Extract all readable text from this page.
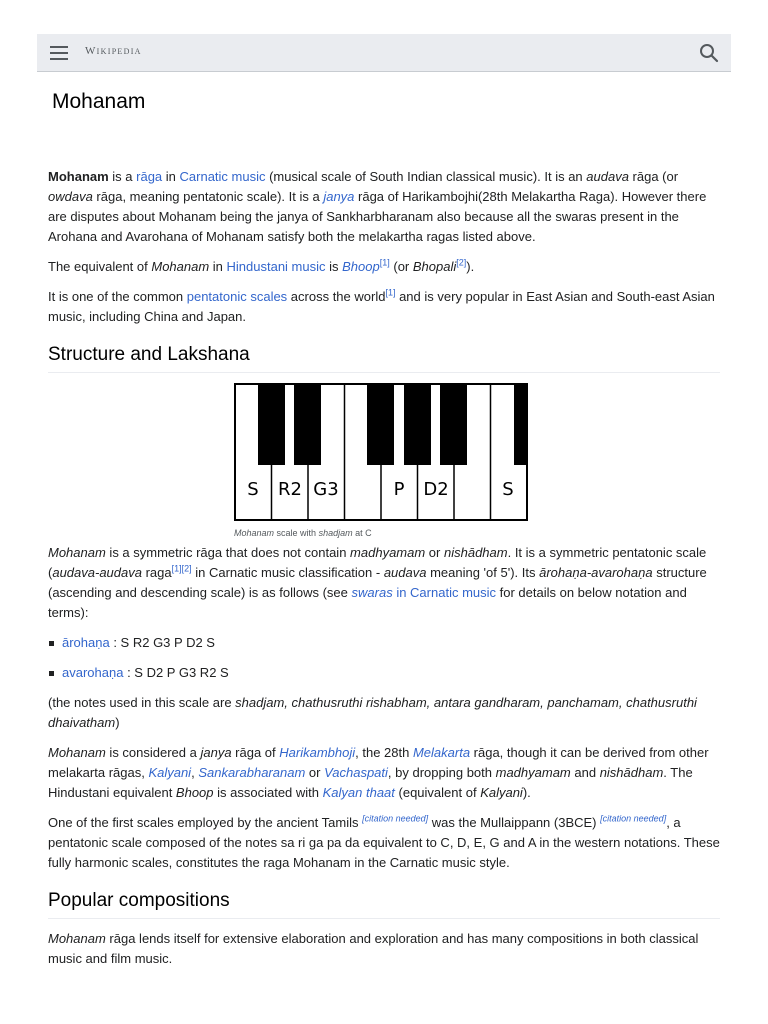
Wikipedia
Mohanam

Mohanam is a rāga in Carnatic music (musical scale of South Indian classical music). It is an audava rāga (or owdava rāga, meaning pentatonic scale). It is a janya rāga of Harikambojhi(28th Melakartha Raga). However there are disputes about Mohanam being the janya of Sankharbharanam also because all the swaras present in the Arohana and Avarohana of Mohanam satisfy both the melakartha ragas listed above.

The equivalent of Mohanam in Hindustani music is Bhoop[1] (or Bhopali[2]).

It is one of the common pentatonic scales across the world[1] and is very popular in East Asian and South-east Asian music, including China and Japan.

Structure and Lakshana
S R2 G3	P D2	S
Mohanam scale with shadjam at C

Mohanam is a symmetric rāga that does not contain madhyamam or nishādham. It is a symmetric pentatonic scale (audava-audava raga[1][2] in Carnatic music classification - audava meaning 'of 5'). Its ārohaṇa-avarohaṇa structure (ascending and descending scale) is as follows (see swaras in Carnatic music for details on below notation and terms):

ārohaṇa : S R2 G3 P D2 S
avarohaṇa : S D2 P G3 R2 S

(the notes used in this scale are shadjam, chathusruthi rishabham, antara gandharam, panchamam, chathusruthi dhaivatham)

Mohanam is considered a janya rāga of Harikambhoji, the 28th Melakarta rāga, though it can be derived from other melakarta rāgas, Kalyani, Sankarabharanam or Vachaspati, by dropping both madhyamam and nishādham. The Hindustani equivalent Bhoop is associated with Kalyan thaat (equivalent of Kalyani).

One of the first scales employed by the ancient Tamils [citation needed] was the Mullaippann (3BCE) [citation needed], a pentatonic scale composed of the notes sa ri ga pa da equivalent to C, D, E, G and A in the western notations. These fully harmonic scales, constitutes the raga Mohanam in the Carnatic music style.

Popular compositions

Mohanam rāga lends itself for extensive elaboration and exploration and has many compositions in both classical music and film music.
